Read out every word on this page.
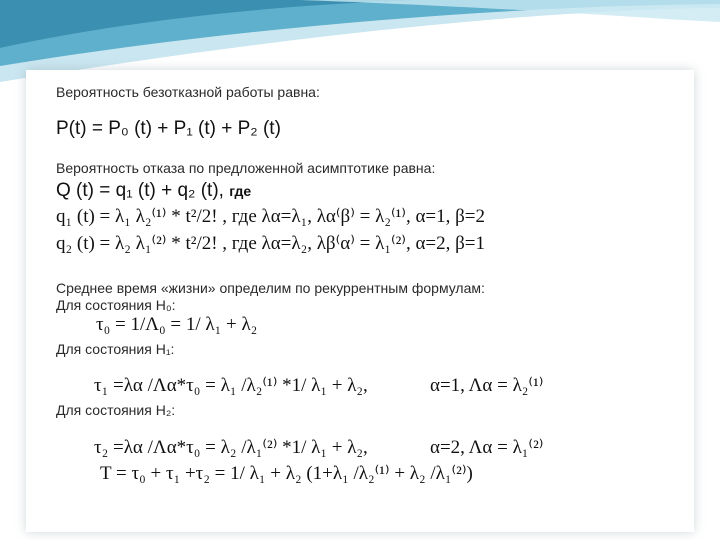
Вероятность безотказной работы равна:
P(t) = P₀ (t) + P₁ (t) + P₂ (t)
Вероятность отказа по предложенной асимптотике равна:
Q (t) = q₁ (t) + q₂ (t), где
q₁ (t) = λ₁ λ₂⁽¹⁾ * t²/2! , где λα=λ₁, λα⁽β⁾ = λ₂⁽¹⁾, α=1, β=2
q₂ (t) = λ₂ λ₁⁽²⁾ * t²/2! , где λα=λ₂, λβ⁽α⁾ = λ₁⁽²⁾, α=2, β=1
Среднее время «жизни» определим по рекуррентным формулам:
Для состояния H₀:
τ₀ = 1/Λ₀ = 1/ λ₁ + λ₂
Для состояния H₁:
τ₁ =λα /Λα*τ₀ = λ₁ /λ₂⁽¹⁾ *1/ λ₁ + λ₂,	α=1, Λα = λ₂⁽¹⁾
Для состояния H₂:
τ₂ =λα /Λα*τ₀ = λ₂ /λ₁⁽²⁾ *1/ λ₁ + λ₂,	α=2, Λα = λ₁⁽²⁾
T = τ₀ + τ₁ +τ₂ = 1/ λ₁ + λ₂ (1+λ₁ /λ₂⁽¹⁾ + λ₂ /λ₁⁽²⁾)
